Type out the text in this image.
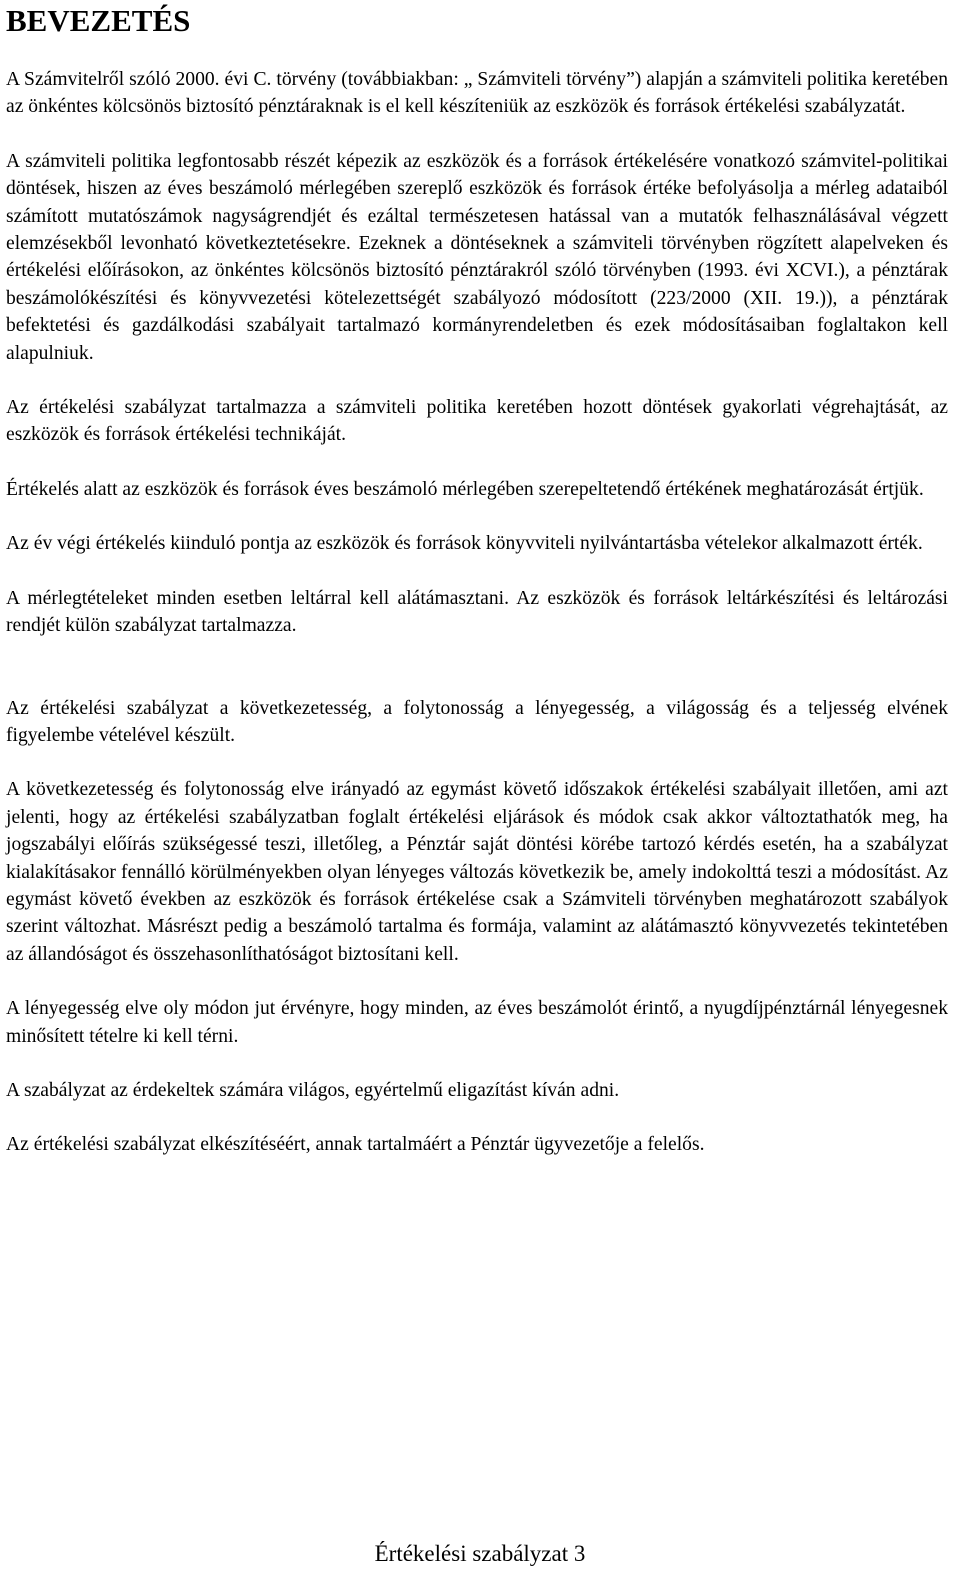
BEVEZETÉS

A Számvitelről szóló 2000. évi C. törvény (továbbiakban: „ Számviteli törvény”) alapján a számviteli politika keretében az önkéntes kölcsönös biztosító pénztáraknak is el kell készíteniük az eszközök és források értékelési szabályzatát.

A számviteli politika legfontosabb részét képezik az eszközök és a források értékelésére vonatkozó számvitel-politikai döntések, hiszen az éves beszámoló mérlegében szereplő eszközök és források értéke befolyásolja a mérleg adataiból számított mutatószámok nagyságrendjét és ezáltal természetesen hatással van a mutatók felhasználásával végzett elemzésekből levonható következtetésekre. Ezeknek a döntéseknek a számviteli törvényben rögzített alapelveken és értékelési előírásokon, az önkéntes kölcsönös biztosító pénztárakról szóló törvényben (1993. évi XCVI.), a pénztárak beszámolókészítési és könyvvezetési kötelezettségét szabályozó módosított (223/2000 (XII. 19.)), a pénztárak befektetési és gazdálkodási szabályait tartalmazó kormányrendeletben és ezek módosításaiban foglaltakon kell alapulniuk.

Az értékelési szabályzat tartalmazza a számviteli politika keretében hozott döntések gyakorlati végrehajtását, az eszközök és források értékelési technikáját.

Értékelés alatt az eszközök és források éves beszámoló mérlegében szerepeltetendő értékének meghatározását értjük.

Az év végi értékelés kiinduló pontja az eszközök és források könyvviteli nyilvántartásba vételekor alkalmazott érték.

A mérlegtételeket minden esetben leltárral kell alátámasztani. Az eszközök és források leltárkészítési és leltározási rendjét külön szabályzat tartalmazza.

Az értékelési szabályzat a következetesség, a folytonosság a lényegesség, a világosság és a teljesség elvének figyelembe vételével készült.

A következetesség és folytonosság elve irányadó az egymást követő időszakok értékelési szabályait illetően, ami azt jelenti, hogy az értékelési szabályzatban foglalt értékelési eljárások és módok csak akkor változtathatók meg, ha jogszabályi előírás szükségessé teszi, illetőleg, a Pénztár saját döntési körébe tartozó kérdés esetén, ha a szabályzat kialakításakor fennálló körülményekben olyan lényeges változás következik be, amely indokolttá teszi a módosítást. Az egymást követő években az eszközök és források értékelése csak a Számviteli törvényben meghatározott szabályok szerint változhat. Másrészt pedig a beszámoló tartalma és formája, valamint az alátámasztó könyvvezetés tekintetében az állandóságot és összehasonlíthatóságot biztosítani kell.

A lényegesség elve oly módon jut érvényre, hogy minden, az éves beszámolót érintő, a nyugdíjpénztárnál lényegesnek minősített tételre ki kell térni.

A szabályzat az érdekeltek számára világos, egyértelmű eligazítást kíván adni.

Az értékelési szabályzat elkészítéséért, annak tartalmáért a Pénztár ügyvezetője a felelős.

Értékelési szabályzat 3
